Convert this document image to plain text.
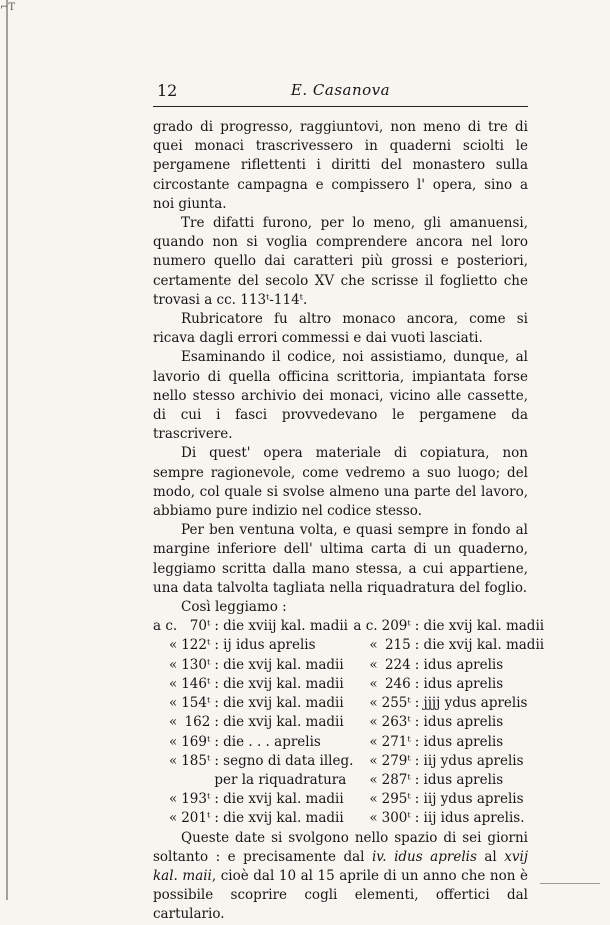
⌐T
12	E. Casanova

grado di progresso, raggiuntovi, non meno di tre di quei monaci trascrivessero in quaderni sciolti le pergamene riflettenti i diritti del monastero sulla circostante campagna e compissero l' opera, sino a noi giunta.

Tre difatti furono, per lo meno, gli amanuensi, quando non si voglia comprendere ancora nel loro numero quello dai caratteri più grossi e posteriori, certamente del secolo XV che scrisse il foglietto che trovasi a cc. 113ᵗ-114ᵗ.

Rubricatore fu altro monaco ancora, come si ricava dagli errori commessi e dai vuoti lasciati.

Esaminando il codice, noi assistiamo, dunque, al lavorio di quella officina scrittoria, impiantata forse nello stesso archivio dei monaci, vicino alle cassette, di cui i fasci provvedevano le pergamene da trascrivere.

Di quest' opera materiale di copiatura, non sempre ragionevole, come vedremo a suo luogo; del modo, col quale si svolse almeno una parte del lavoro, abbiamo pure indizio nel codice stesso.

Per ben ventuna volta, e quasi sempre in fondo al margine inferiore dell' ultima carta di un quaderno, leggiamo scritta dalla mano stessa, a cui appartiene, una data talvolta tagliata nella riquadratura del foglio.

Così leggiamo :

a c.	70ᵗ	: die xviij kal. madii	a c.	209ᵗ	: die xvij kal. madii
«	122ᵗ	: ij idus aprelis	«	215	: die xvij kal. madii
«	130ᵗ	: die xvij kal. madii	«	224	: idus aprelis
«	146ᵗ	: die xvij kal. madii	«	246	: idus aprelis
«	154ᵗ	: die xvij kal. madii	«	255ᵗ	: jjjj ydus aprelis
«	162	: die xvij kal. madii	«	263ᵗ	: idus aprelis
«	169ᵗ	: die . . . aprelis	«	271ᵗ	: idus aprelis
«	185ᵗ	: segno di data illeg.	«	279ᵗ	: iij ydus aprelis
		per la riquadratura	«	287ᵗ	: idus aprelis
«	193ᵗ	: die xvij kal. madii	«	295ᵗ	: iij ydus aprelis
«	201ᵗ	: die xvij kal. madii	«	300ᵗ	: iij idus aprelis.

Queste date si svolgono nello spazio di sei giorni soltanto : e precisamente dal iv. idus aprelis al xvij kal. maii, cioè dal 10 al 15 aprile di un anno che non è possibile scoprire cogli elementi, offertici dal cartulario.
